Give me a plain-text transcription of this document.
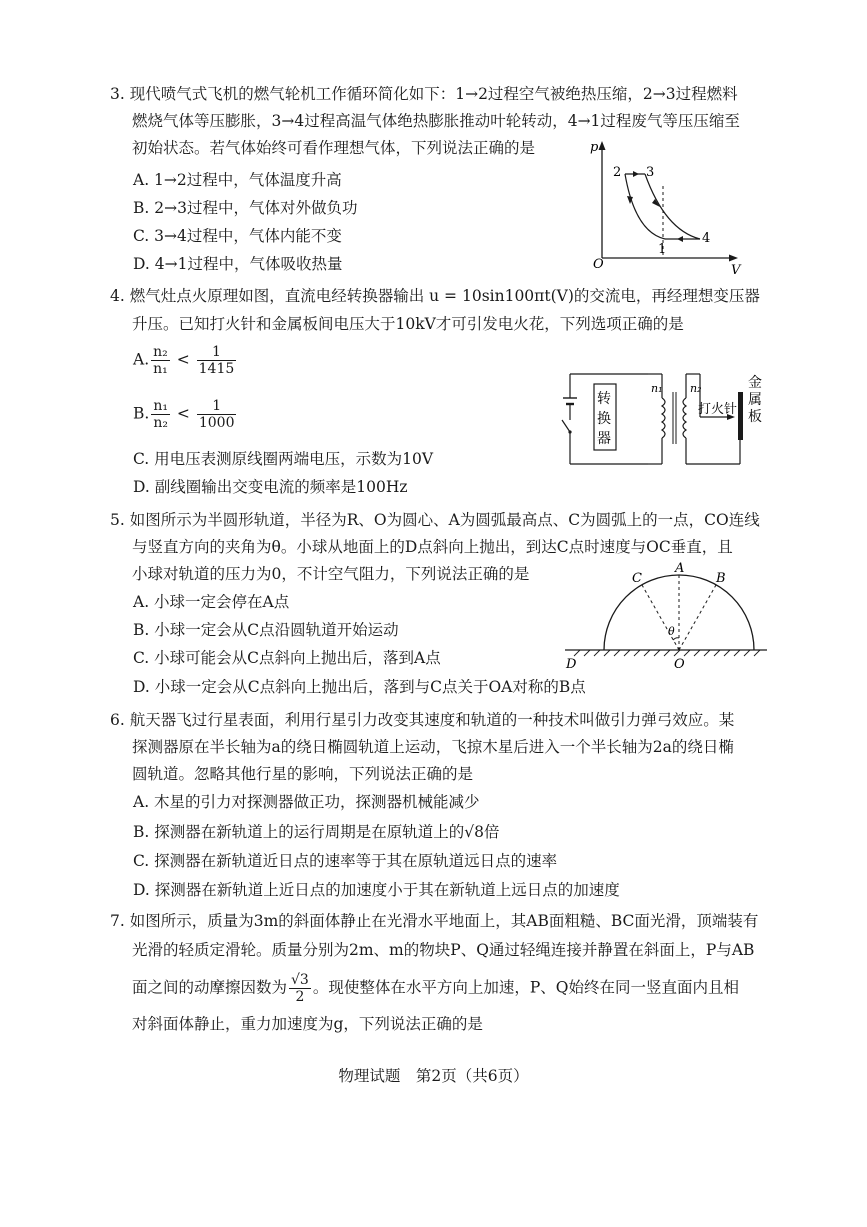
3. 现代喷气式飞机的燃气轮机工作循环简化如下：1→2过程空气被绝热压缩，2→3过程燃料
燃烧气体等压膨胀，3→4过程高温气体绝热膨胀推动叶轮转动，4→1过程废气等压压缩至
初始状态。若气体始终可看作理想气体，下列说法正确的是
A. 1→2过程中，气体温度升高
B. 2→3过程中，气体对外做负功
C. 3→4过程中，气体内能不变
D. 4→1过程中，气体吸收热量
p
V
O
2 3
1
4
4. 燃气灶点火原理如图，直流电经转换器输出 u = 10sin100πt(V)的交流电，再经理想变压器
升压。已知打火针和金属板间电压大于10kV才可引发电火花，下列选项正确的是
A. $\frac{\text{n₂}}{\text{n₁}} < \frac{1}{1415}$
B. $\frac{\text{n₁}}{\text{n₂}} < \frac{1}{1000}$
C. 用电压表测原线圈两端电压，示数为10V
D. 副线圈输出交变电流的频率是100Hz
转
换
器
n₁	n₂
打火针
金
属
板
5. 如图所示为半圆形轨道，半径为R、O为圆心、A为圆弧最高点、C为圆弧上的一点，CO连线
与竖直方向的夹角为θ。小球从地面上的D点斜向上抛出，到达C点时速度与OC垂直，且
小球对轨道的压力为0，不计空气阻力，下列说法正确的是
A. 小球一定会停在A点
B. 小球一定会从C点沿圆轨道开始运动
C. 小球可能会从C点斜向上抛出后，落到A点
D. 小球一定会从C点斜向上抛出后，落到与C点关于OA对称的B点
A
C	B
D	O
θ
6. 航天器飞过行星表面，利用行星引力改变其速度和轨道的一种技术叫做引力弹弓效应。某
探测器原在半长轴为a的绕日椭圆轨道上运动，飞掠木星后进入一个半长轴为2a的绕日椭
圆轨道。忽略其他行星的影响，下列说法正确的是
A. 木星的引力对探测器做正功，探测器机械能减少
B. 探测器在新轨道上的运行周期是在原轨道上的√8倍
C. 探测器在新轨道近日点的速率等于其在原轨道远日点的速率
D. 探测器在新轨道上近日点的加速度小于其在新轨道上远日点的加速度
7. 如图所示，质量为3m的斜面体静止在光滑水平地面上，其AB面粗糙、BC面光滑，顶端装有
光滑的轻质定滑轮。质量分别为2m、m的物块P、Q通过轻绳连接并静置在斜面上，P与AB
面之间的动摩擦因数为 $\frac{√3}{2}$ 。现使整体在水平方向上加速，P、Q始终在同一竖直面内且相
对斜面体静止，重力加速度为g，下列说法正确的是
物理试题　第2页（共6页）
